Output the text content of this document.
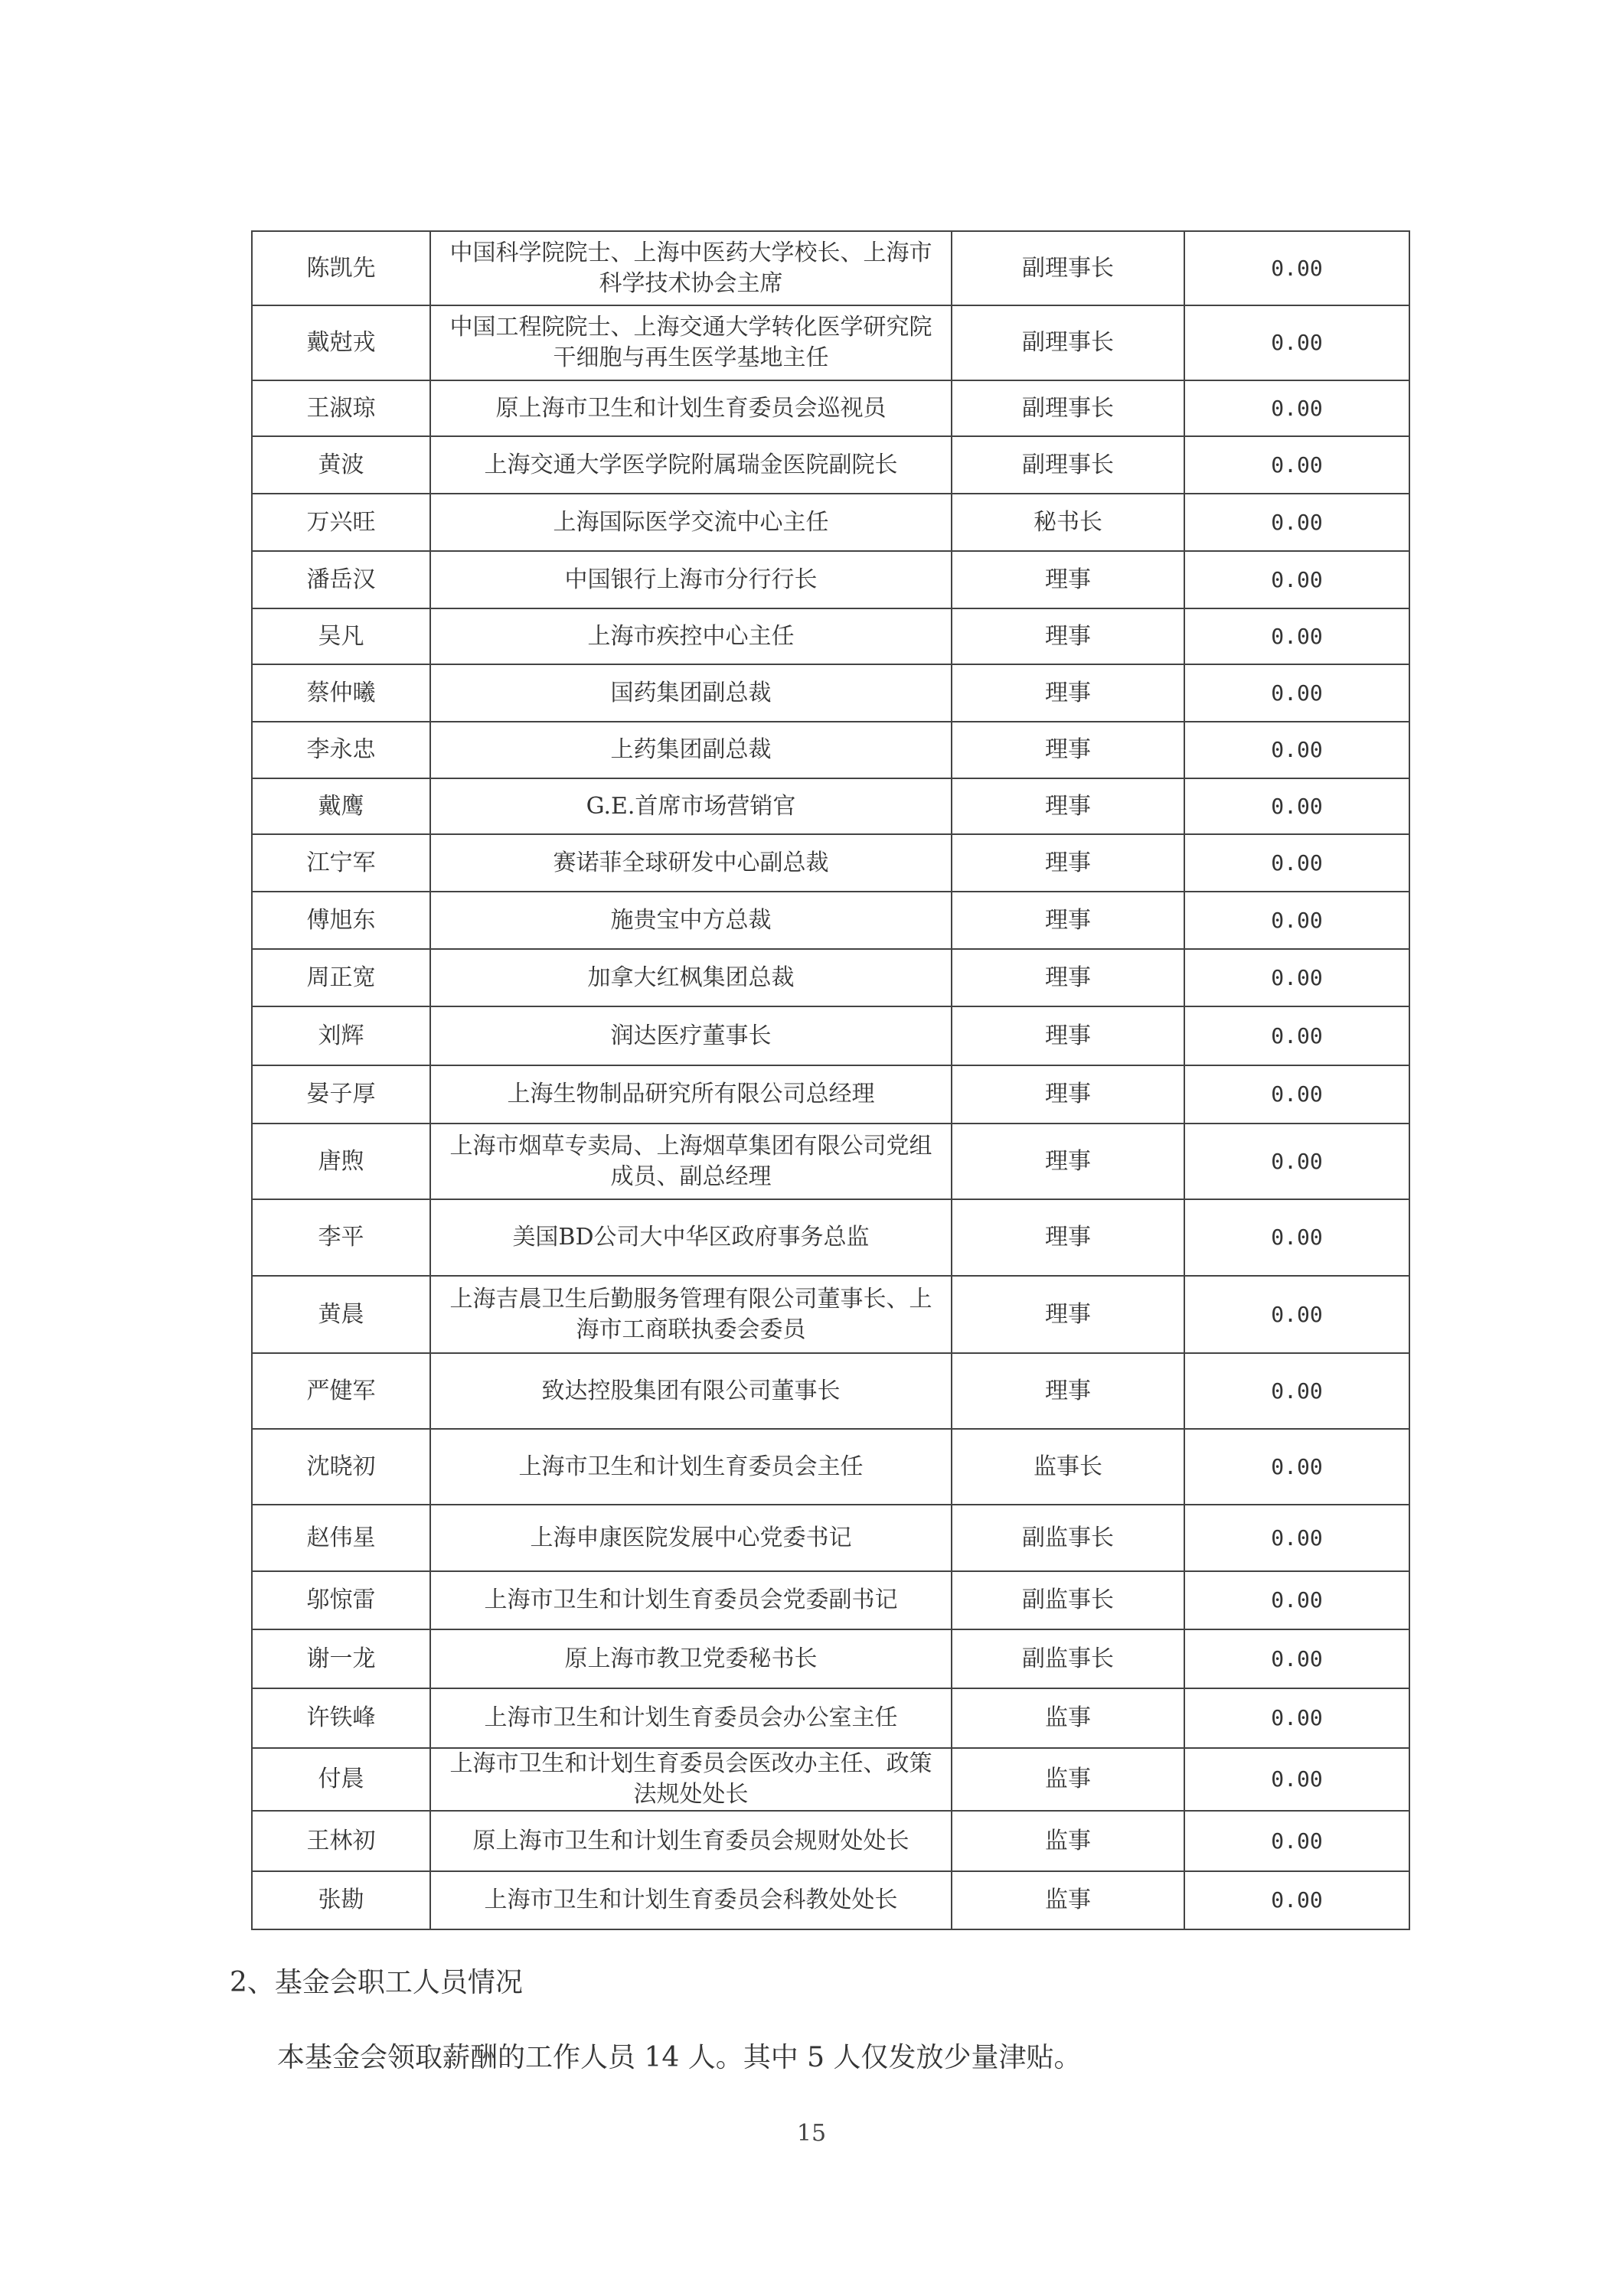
陈凯先	中国科学院院士、上海中医药大学校长、上海市科学技术协会主席	副理事长	0.00
戴尅戎	中国工程院院士、上海交通大学转化医学研究院干细胞与再生医学基地主任	副理事长	0.00
王淑琼	原上海市卫生和计划生育委员会巡视员	副理事长	0.00
黄波	上海交通大学医学院附属瑞金医院副院长	副理事长	0.00
万兴旺	上海国际医学交流中心主任	秘书长	0.00
潘岳汉	中国银行上海市分行行长	理事	0.00
吴凡	上海市疾控中心主任	理事	0.00
蔡仲曦	国药集团副总裁	理事	0.00
李永忠	上药集团副总裁	理事	0.00
戴鹰	G.E.首席市场营销官	理事	0.00
江宁军	赛诺菲全球研发中心副总裁	理事	0.00
傅旭东	施贵宝中方总裁	理事	0.00
周正宽	加拿大红枫集团总裁	理事	0.00
刘辉	润达医疗董事长	理事	0.00
晏子厚	上海生物制品研究所有限公司总经理	理事	0.00
唐煦	上海市烟草专卖局、上海烟草集团有限公司党组成员、副总经理	理事	0.00
李平	美国BD公司大中华区政府事务总监	理事	0.00
黄晨	上海吉晨卫生后勤服务管理有限公司董事长、上海市工商联执委会委员	理事	0.00
严健军	致达控股集团有限公司董事长	理事	0.00
沈晓初	上海市卫生和计划生育委员会主任	监事长	0.00
赵伟星	上海申康医院发展中心党委书记	副监事长	0.00
邬惊雷	上海市卫生和计划生育委员会党委副书记	副监事长	0.00
谢一龙	原上海市教卫党委秘书长	副监事长	0.00
许铁峰	上海市卫生和计划生育委员会办公室主任	监事	0.00
付晨	上海市卫生和计划生育委员会医改办主任、政策法规处处长	监事	0.00
王林初	原上海市卫生和计划生育委员会规财处处长	监事	0.00
张勘	上海市卫生和计划生育委员会科教处处长	监事	0.00
2、基金会职工人员情况
本基金会领取薪酬的工作人员 14 人。其中 5 人仅发放少量津贴。
15
